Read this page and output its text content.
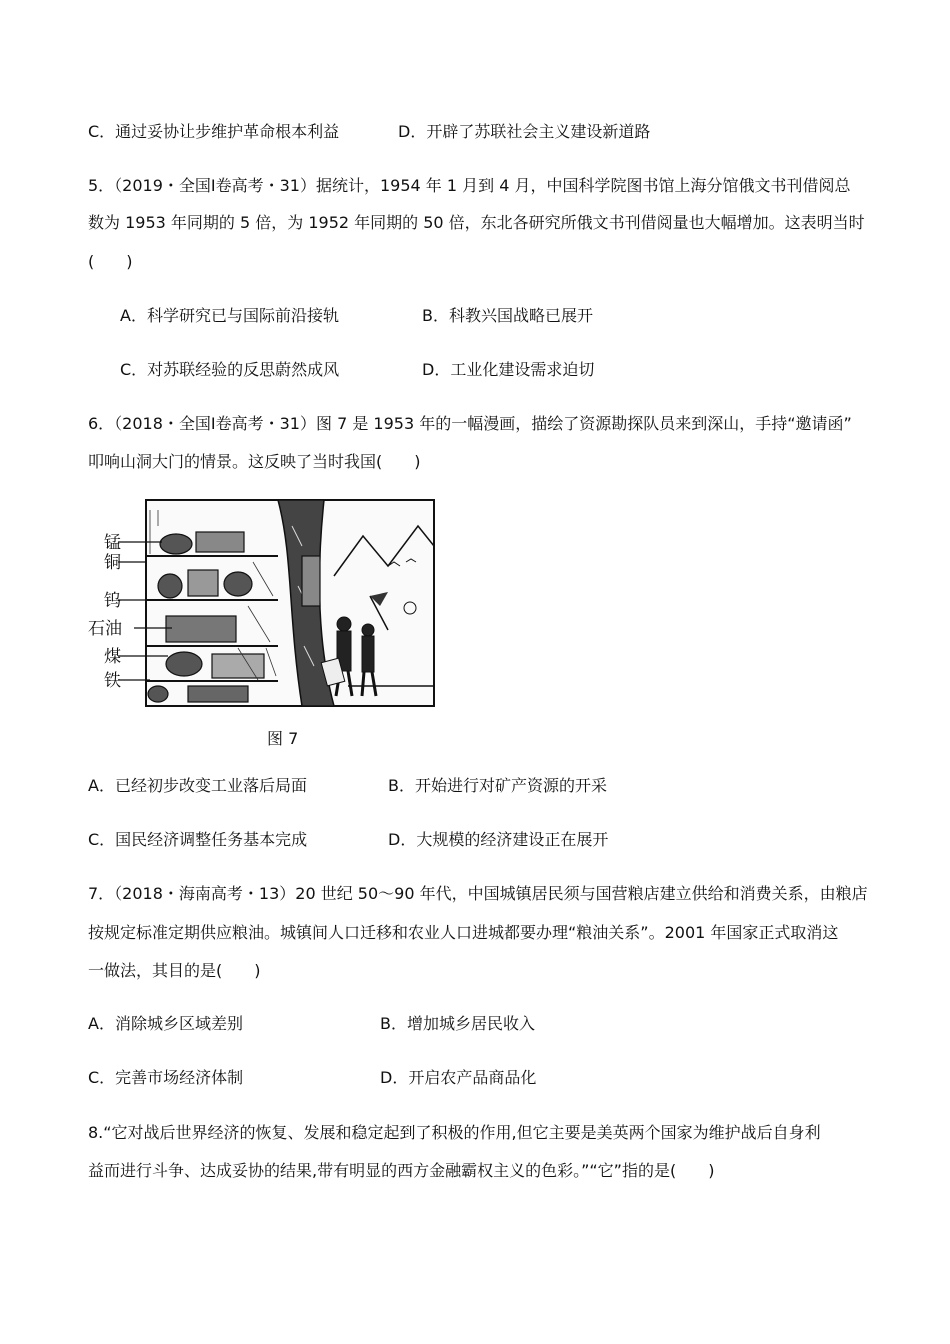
C．通过妥协让步维护革命根本利益	D．开辟了苏联社会主义建设新道路
5．（2019・全国Ⅰ卷高考・31）据统计，1954 年 1 月到 4 月，中国科学院图书馆上海分馆俄文书刊借阅总
数为 1953 年同期的 5 倍，为 1952 年同期的 50 倍，东北各研究所俄文书刊借阅量也大幅增加。这表明当时
(　　)
A．科学研究已与国际前沿接轨	B．科教兴国战略已展开
C．对苏联经验的反思蔚然成风	D．工业化建设需求迫切
6．（2018・全国Ⅰ卷高考・31）图 7 是 1953 年的一幅漫画，描绘了资源勘探队员来到深山，手持“邀请函”
叩响山洞大门的情景。这反映了当时我国(　　)
锰
铜
钨
石油
煤
铁
图 7
A．已经初步改变工业落后局面	B．开始进行对矿产资源的开采
C．国民经济调整任务基本完成	D．大规模的经济建设正在展开
7．（2018・海南高考・13）20 世纪 50～90 年代，中国城镇居民须与国营粮店建立供给和消费关系，由粮店
按规定标准定期供应粮油。城镇间人口迁移和农业人口进城都要办理“粮油关系”。2001 年国家正式取消这
一做法，其目的是(　　)
A．消除城乡区域差别	B．增加城乡居民收入
C．完善市场经济体制	D．开启农产品商品化
8.“它对战后世界经济的恢复、发展和稳定起到了积极的作用,但它主要是美英两个国家为维护战后自身利
益而进行斗争、达成妥协的结果,带有明显的西方金融霸权主义的色彩。”“它”指的是(　　)
